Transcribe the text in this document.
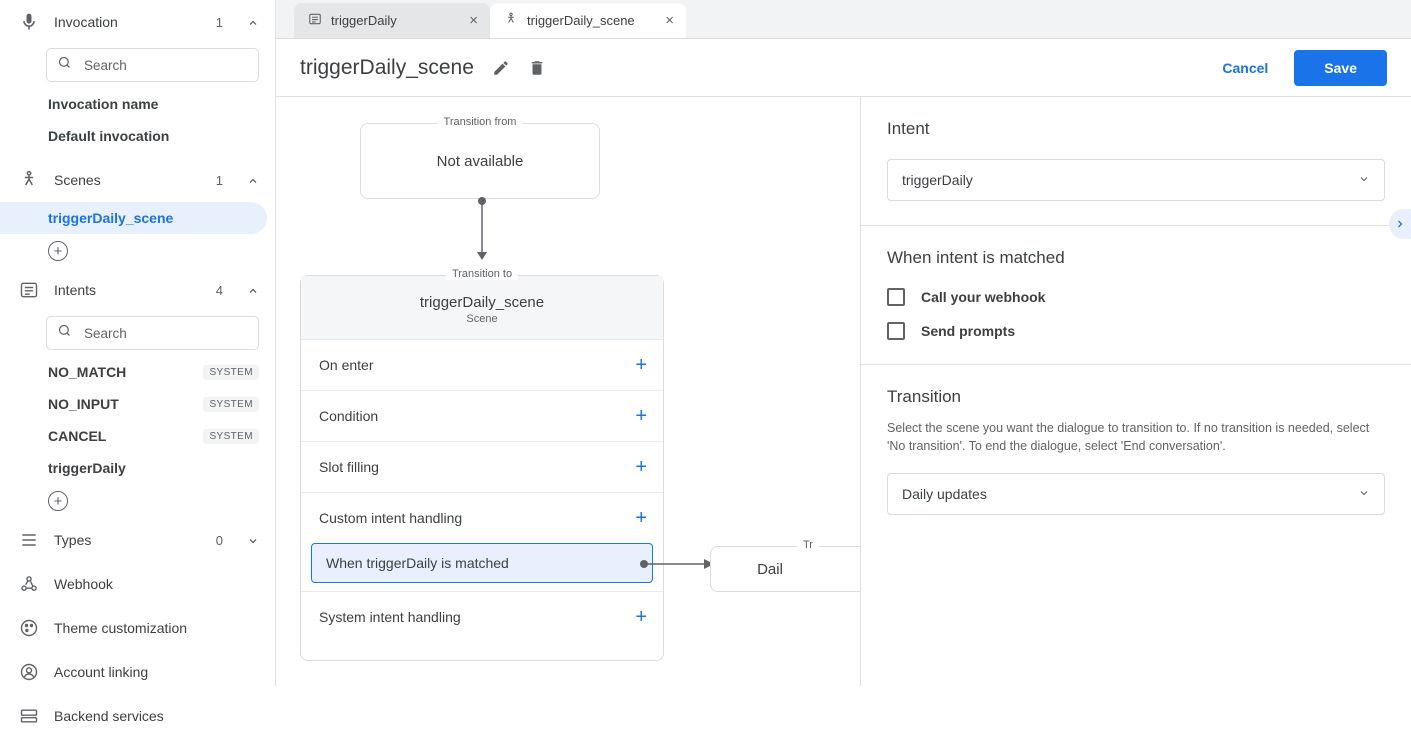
Invocation	1
Search
Invocation name
Default invocation
Scenes	1
triggerDaily_scene
+
Intents	4
Search
NO_MATCH	SYSTEM
NO_INPUT	SYSTEM
CANCEL	SYSTEM
triggerDaily
+
Types	0
Webhook
Theme customization
Account linking
Backend services
triggerDaily	×	triggerDaily_scene	×
triggerDaily_scene	Cancel	Save
Transition from
Not available
Transition to
triggerDaily_scene
Scene
On enter	+
Condition	+
Slot filling	+
Custom intent handling	+
When triggerDaily is matched
System intent handling	+
Tr
Dail
Intent
triggerDaily
When intent is matched
Call your webhook
Send prompts
Transition

Select the scene you want the dialogue to transition to. If no transition is needed, select 'No transition'. To end the dialogue, select 'End conversation'.

Daily updates
